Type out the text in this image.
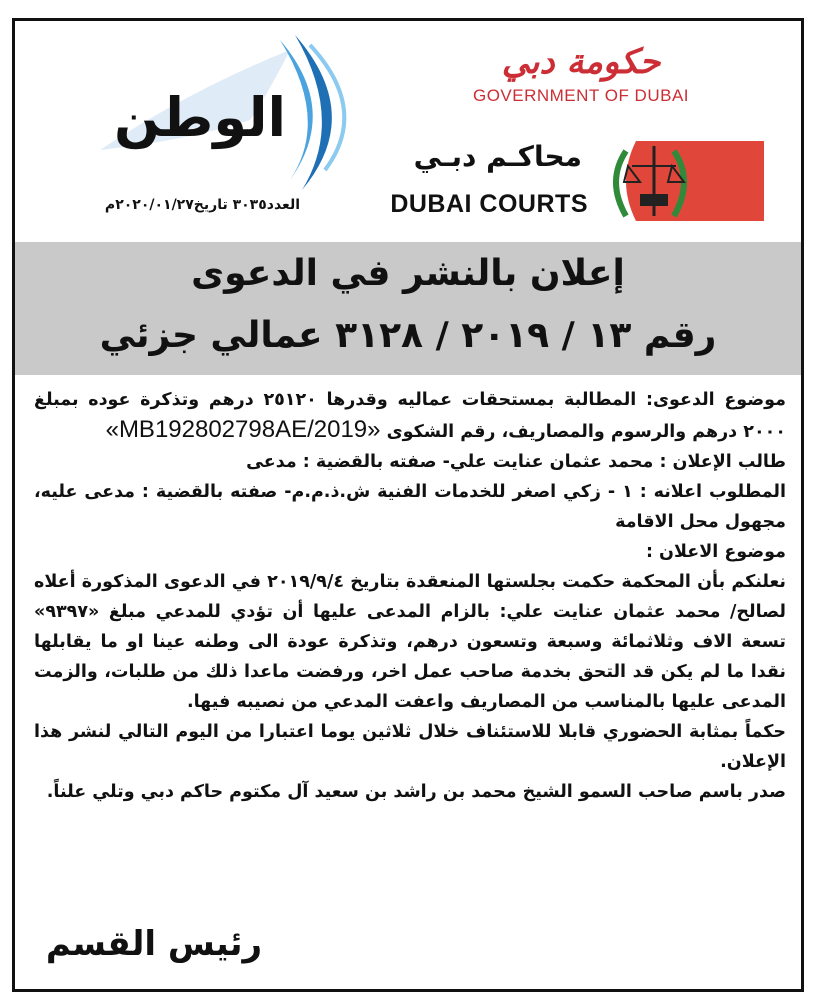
الوطن
العدد٣٠٣٥ تاريخ٢٠٢٠/٠١/٢٧م
حكومة دبي
GOVERNMENT OF DUBAI
محاكـم دبـي
DUBAI COURTS
إعلان بالنشر في الدعوى
رقم ١٣ / ٢٠١٩ / ٣١٢٨ عمالي جزئي

موضوع الدعوى: المطالبة بمستحقات عماليه وقدرها ٢٥١٢٠ درهم وتذكرة عوده بمبلغ ٢٠٠٠ درهم والرسوم والمصاريف، رقم الشكوى «MB192802798AE/2019»

طالب الإعلان : محمد عثمان عنايت علي- صفته بالقضية : مدعى

المطلوب اعلانه : ١ - زكي اصغر للخدمات الفنية ش.ذ.م.م- صفته بالقضية : مدعى عليه، مجهول محل الاقامة

موضوع الاعلان :

نعلنكم بأن المحكمة حكمت بجلستها المنعقدة بتاريخ ٢٠١٩/٩/٤ في الدعوى المذكورة أعلاه لصالح/ محمد عثمان عنايت علي: بالزام المدعى عليها أن تؤدي للمدعي مبلغ «٩٣٩٧» تسعة الاف وثلاثمائة وسبعة وتسعون درهم، وتذكرة عودة الى وطنه عينا او ما يقابلها نقدا ما لم يكن قد التحق بخدمة صاحب عمل اخر، ورفضت ماعدا ذلك من طلبات، والزمت المدعى عليها بالمناسب من المصاريف واعفت المدعي من نصيبه فيها.

حكماً بمثابة الحضوري قابلا للاستئناف خلال ثلاثين يوما اعتبارا من اليوم التالي لنشر هذا الإعلان.

صدر باسم صاحب السمو الشيخ محمد بن راشد بن سعيد آل مكتوم حاكم دبي وتلي علناً.

رئيس القسم
